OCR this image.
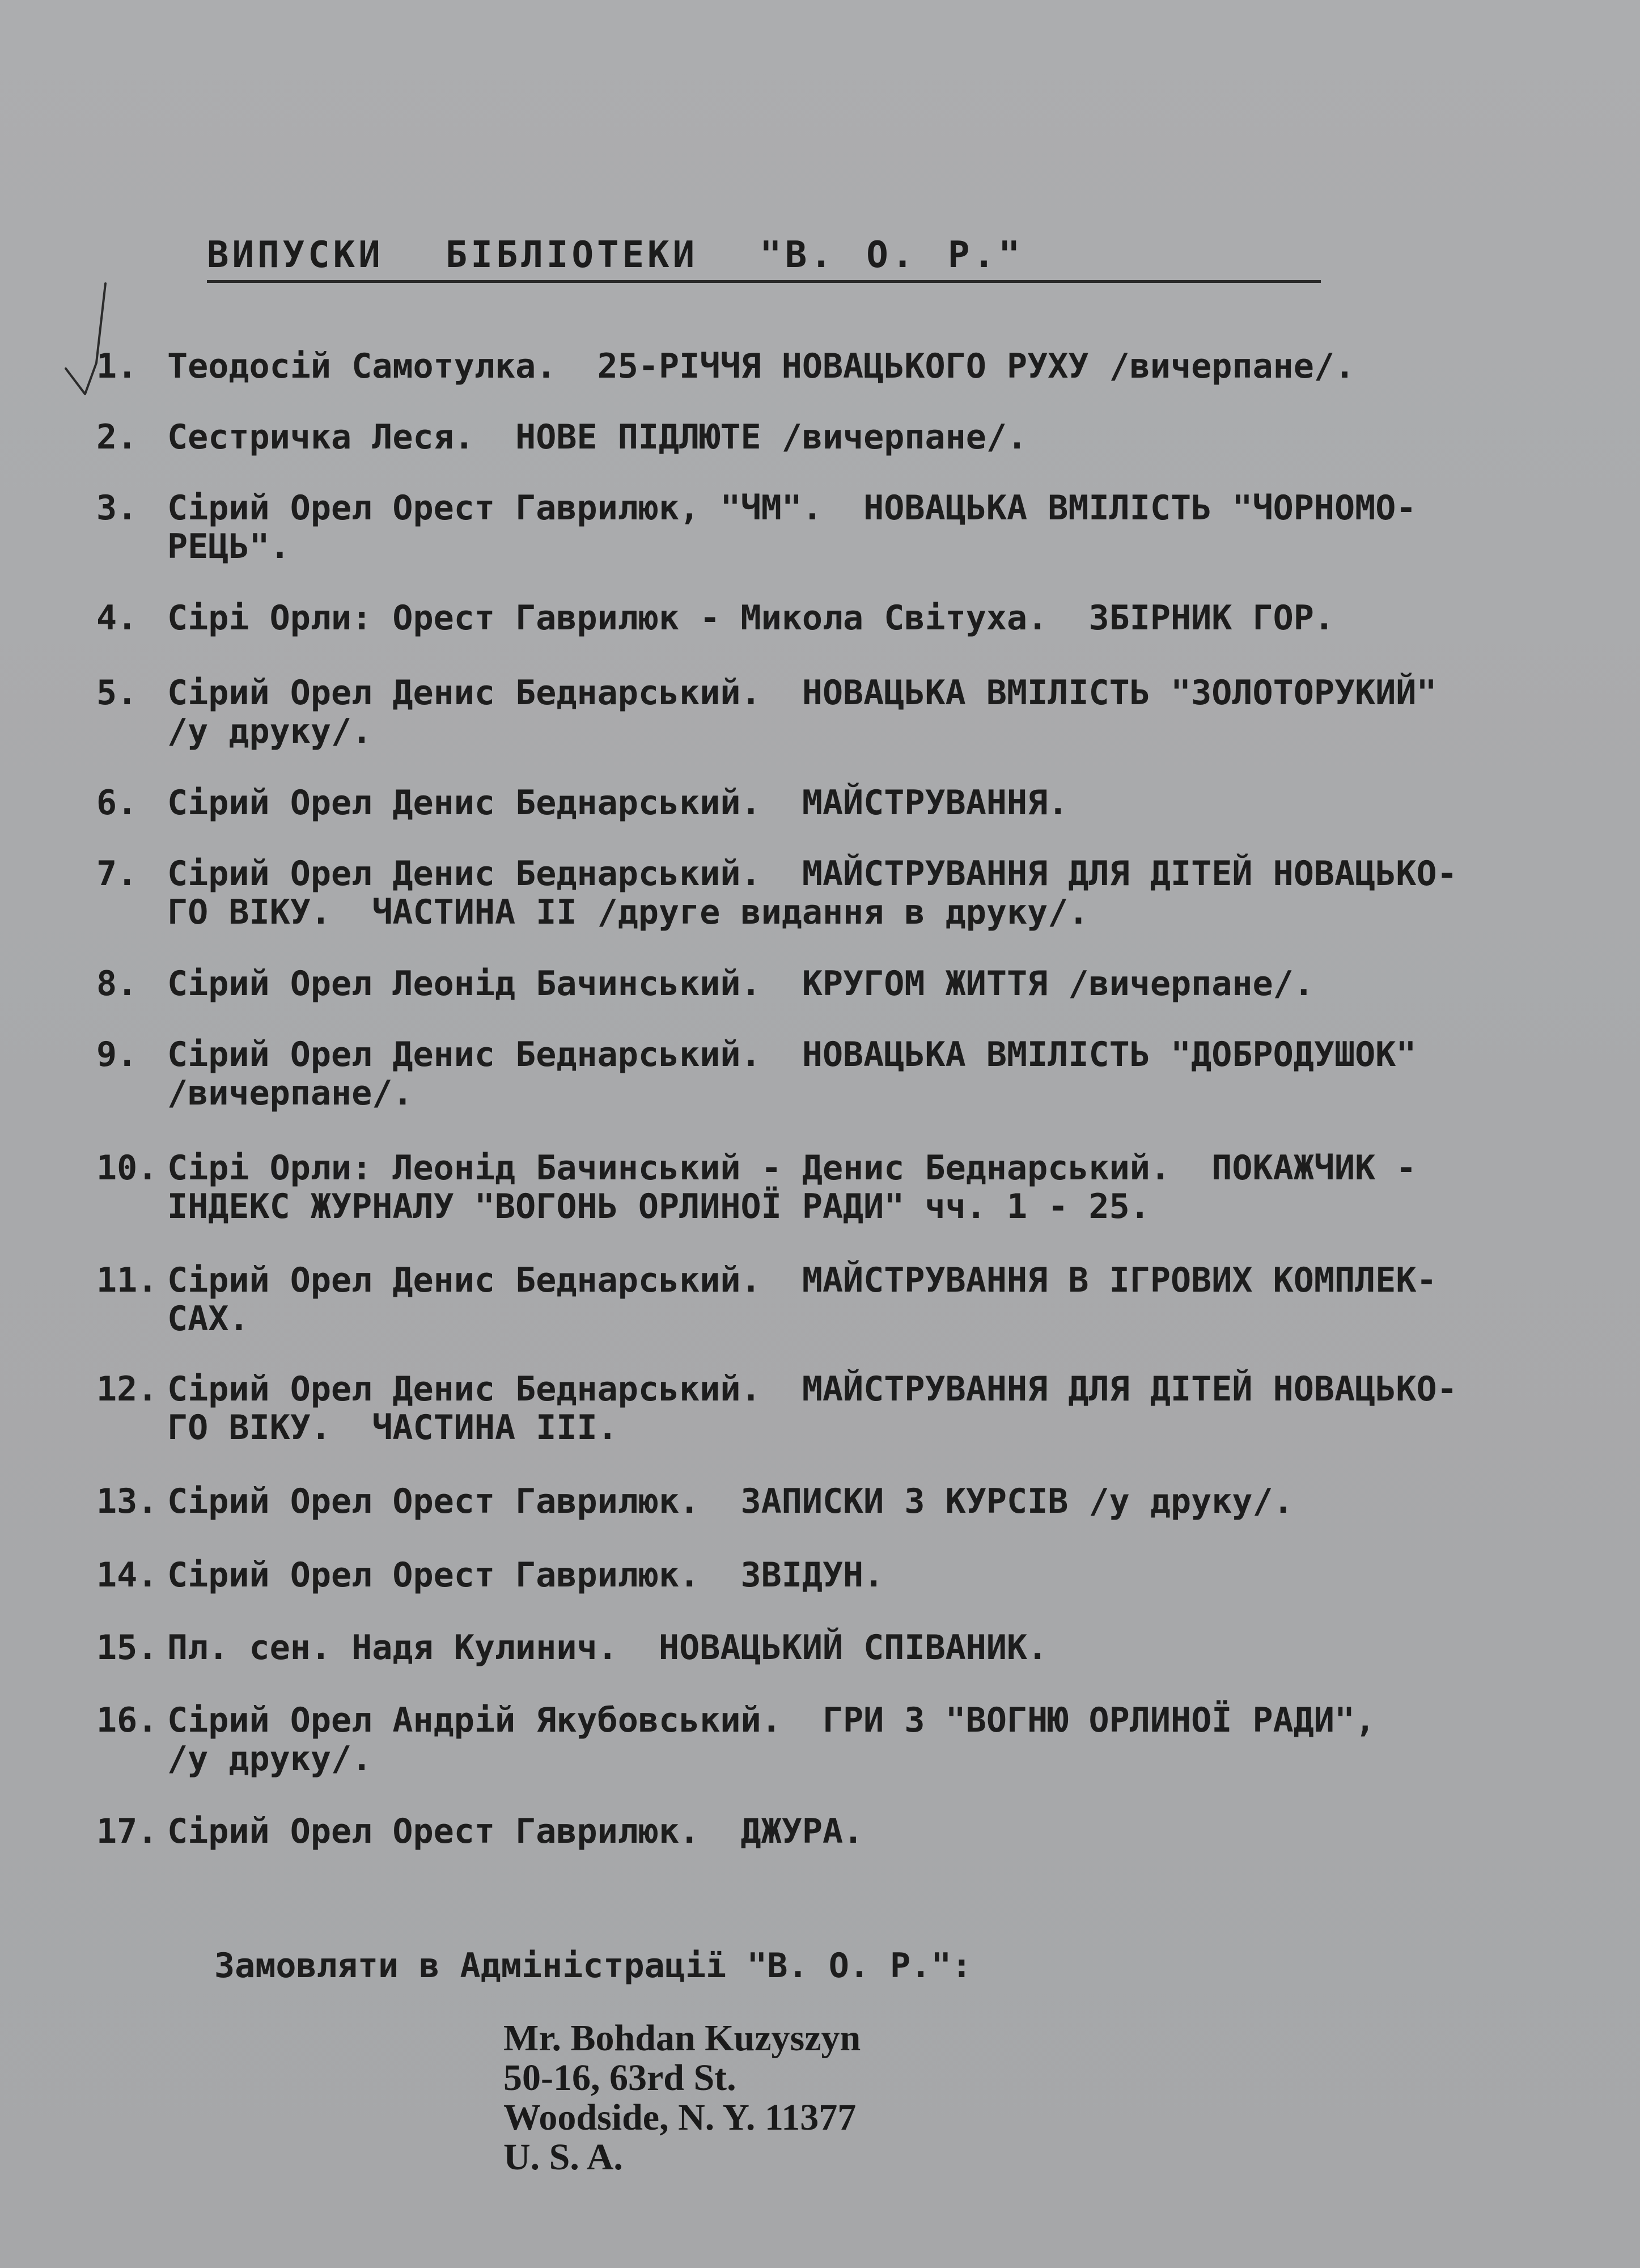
ВИПУСКИ  БІБЛІОТЕКИ  "В. О. Р."
1. Теодосій Самотулка.  25-РІЧЧЯ НОВАЦЬКОГО РУХУ /вичерпане/.
2. Сестричка Леся.  НОВЕ ПІДЛЮТЕ /вичерпане/.
3. Сірий Орел Орест Гаврилюк, "ЧМ".  НОВАЦЬКА ВМІЛІСТЬ "ЧОРНОМО-
РЕЦЬ".
4. Сірі Орли: Орест Гаврилюк - Микола Світуха.  ЗБІРНИК ГОР.
5. Сірий Орел Денис Беднарський.  НОВАЦЬКА ВМІЛІСТЬ "ЗОЛОТОРУКИЙ"
/у друку/.
6. Сірий Орел Денис Беднарський.  МАЙСТРУВАННЯ.
7. Сірий Орел Денис Беднарський.  МАЙСТРУВАННЯ ДЛЯ ДІТЕЙ НОВАЦЬКО-
ГО ВІКУ.  ЧАСТИНА II /друге видання в друку/.
8. Сірий Орел Леонід Бачинський.  КРУГОМ ЖИТТЯ /вичерпане/.
9. Сірий Орел Денис Беднарський.  НОВАЦЬКА ВМІЛІСТЬ "ДОБРОДУШОК"
/вичерпане/.
10. Сірі Орли: Леонід Бачинський - Денис Беднарський.  ПОКАЖЧИК -
ІНДЕКС ЖУРНАЛУ "ВОГОНЬ ОРЛИНОЇ РАДИ" чч. 1 - 25.
11. Сірий Орел Денис Беднарський.  МАЙСТРУВАННЯ В ІГРОВИХ КОМПЛЕК-
САХ.
12. Сірий Орел Денис Беднарський.  МАЙСТРУВАННЯ ДЛЯ ДІТЕЙ НОВАЦЬКО-
ГО ВІКУ.  ЧАСТИНА III.
13. Сірий Орел Орест Гаврилюк.  ЗАПИСКИ З КУРСІВ /у друку/.
14. Сірий Орел Орест Гаврилюк.  ЗВІДУН.
15. Пл. сен. Надя Кулинич.  НОВАЦЬКИЙ СПІВАНИК.
16. Сірий Орел Андрій Якубовський.  ГРИ З "ВОГНЮ ОРЛИНОЇ РАДИ",
/у друку/.
17. Сірий Орел Орест Гаврилюк.  ДЖУРА.
Замовляти в Адміністрації "В. О. Р.":
Mr. Bohdan Kuzyszyn
50-16, 63rd St.
Woodside, N. Y. 11377
U. S. A.
